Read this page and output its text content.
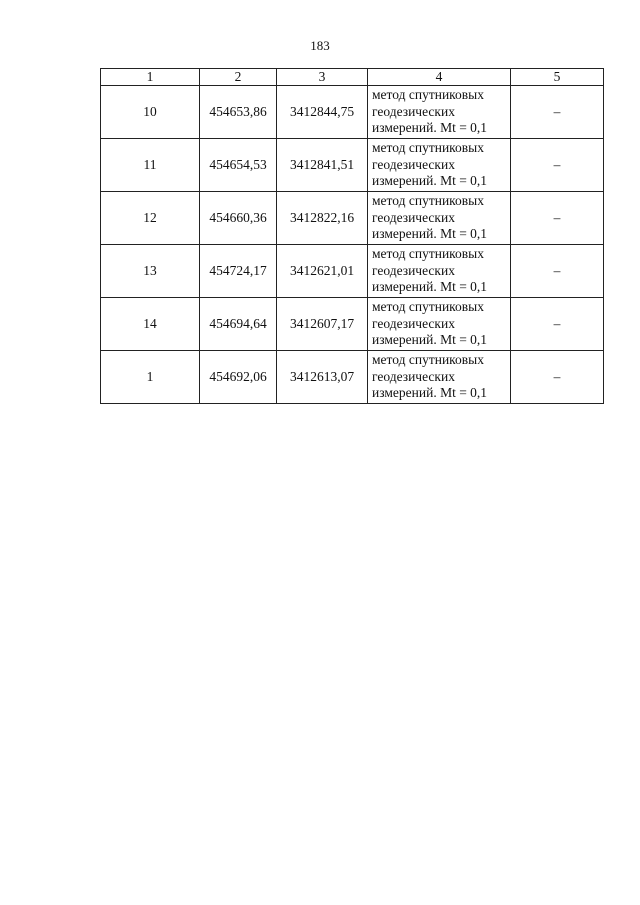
183
1	2	3	4	5
10	454653,86	3412844,75	метод спутниковых
геодезических
измерений. Mt = 0,1	–
11	454654,53	3412841,51	метод спутниковых
геодезических
измерений. Mt = 0,1	–
12	454660,36	3412822,16	метод спутниковых
геодезических
измерений. Mt = 0,1	–
13	454724,17	3412621,01	метод спутниковых
геодезических
измерений. Mt = 0,1	–
14	454694,64	3412607,17	метод спутниковых
геодезических
измерений. Mt = 0,1	–
1	454692,06	3412613,07	метод спутниковых
геодезических
измерений. Mt = 0,1	–
